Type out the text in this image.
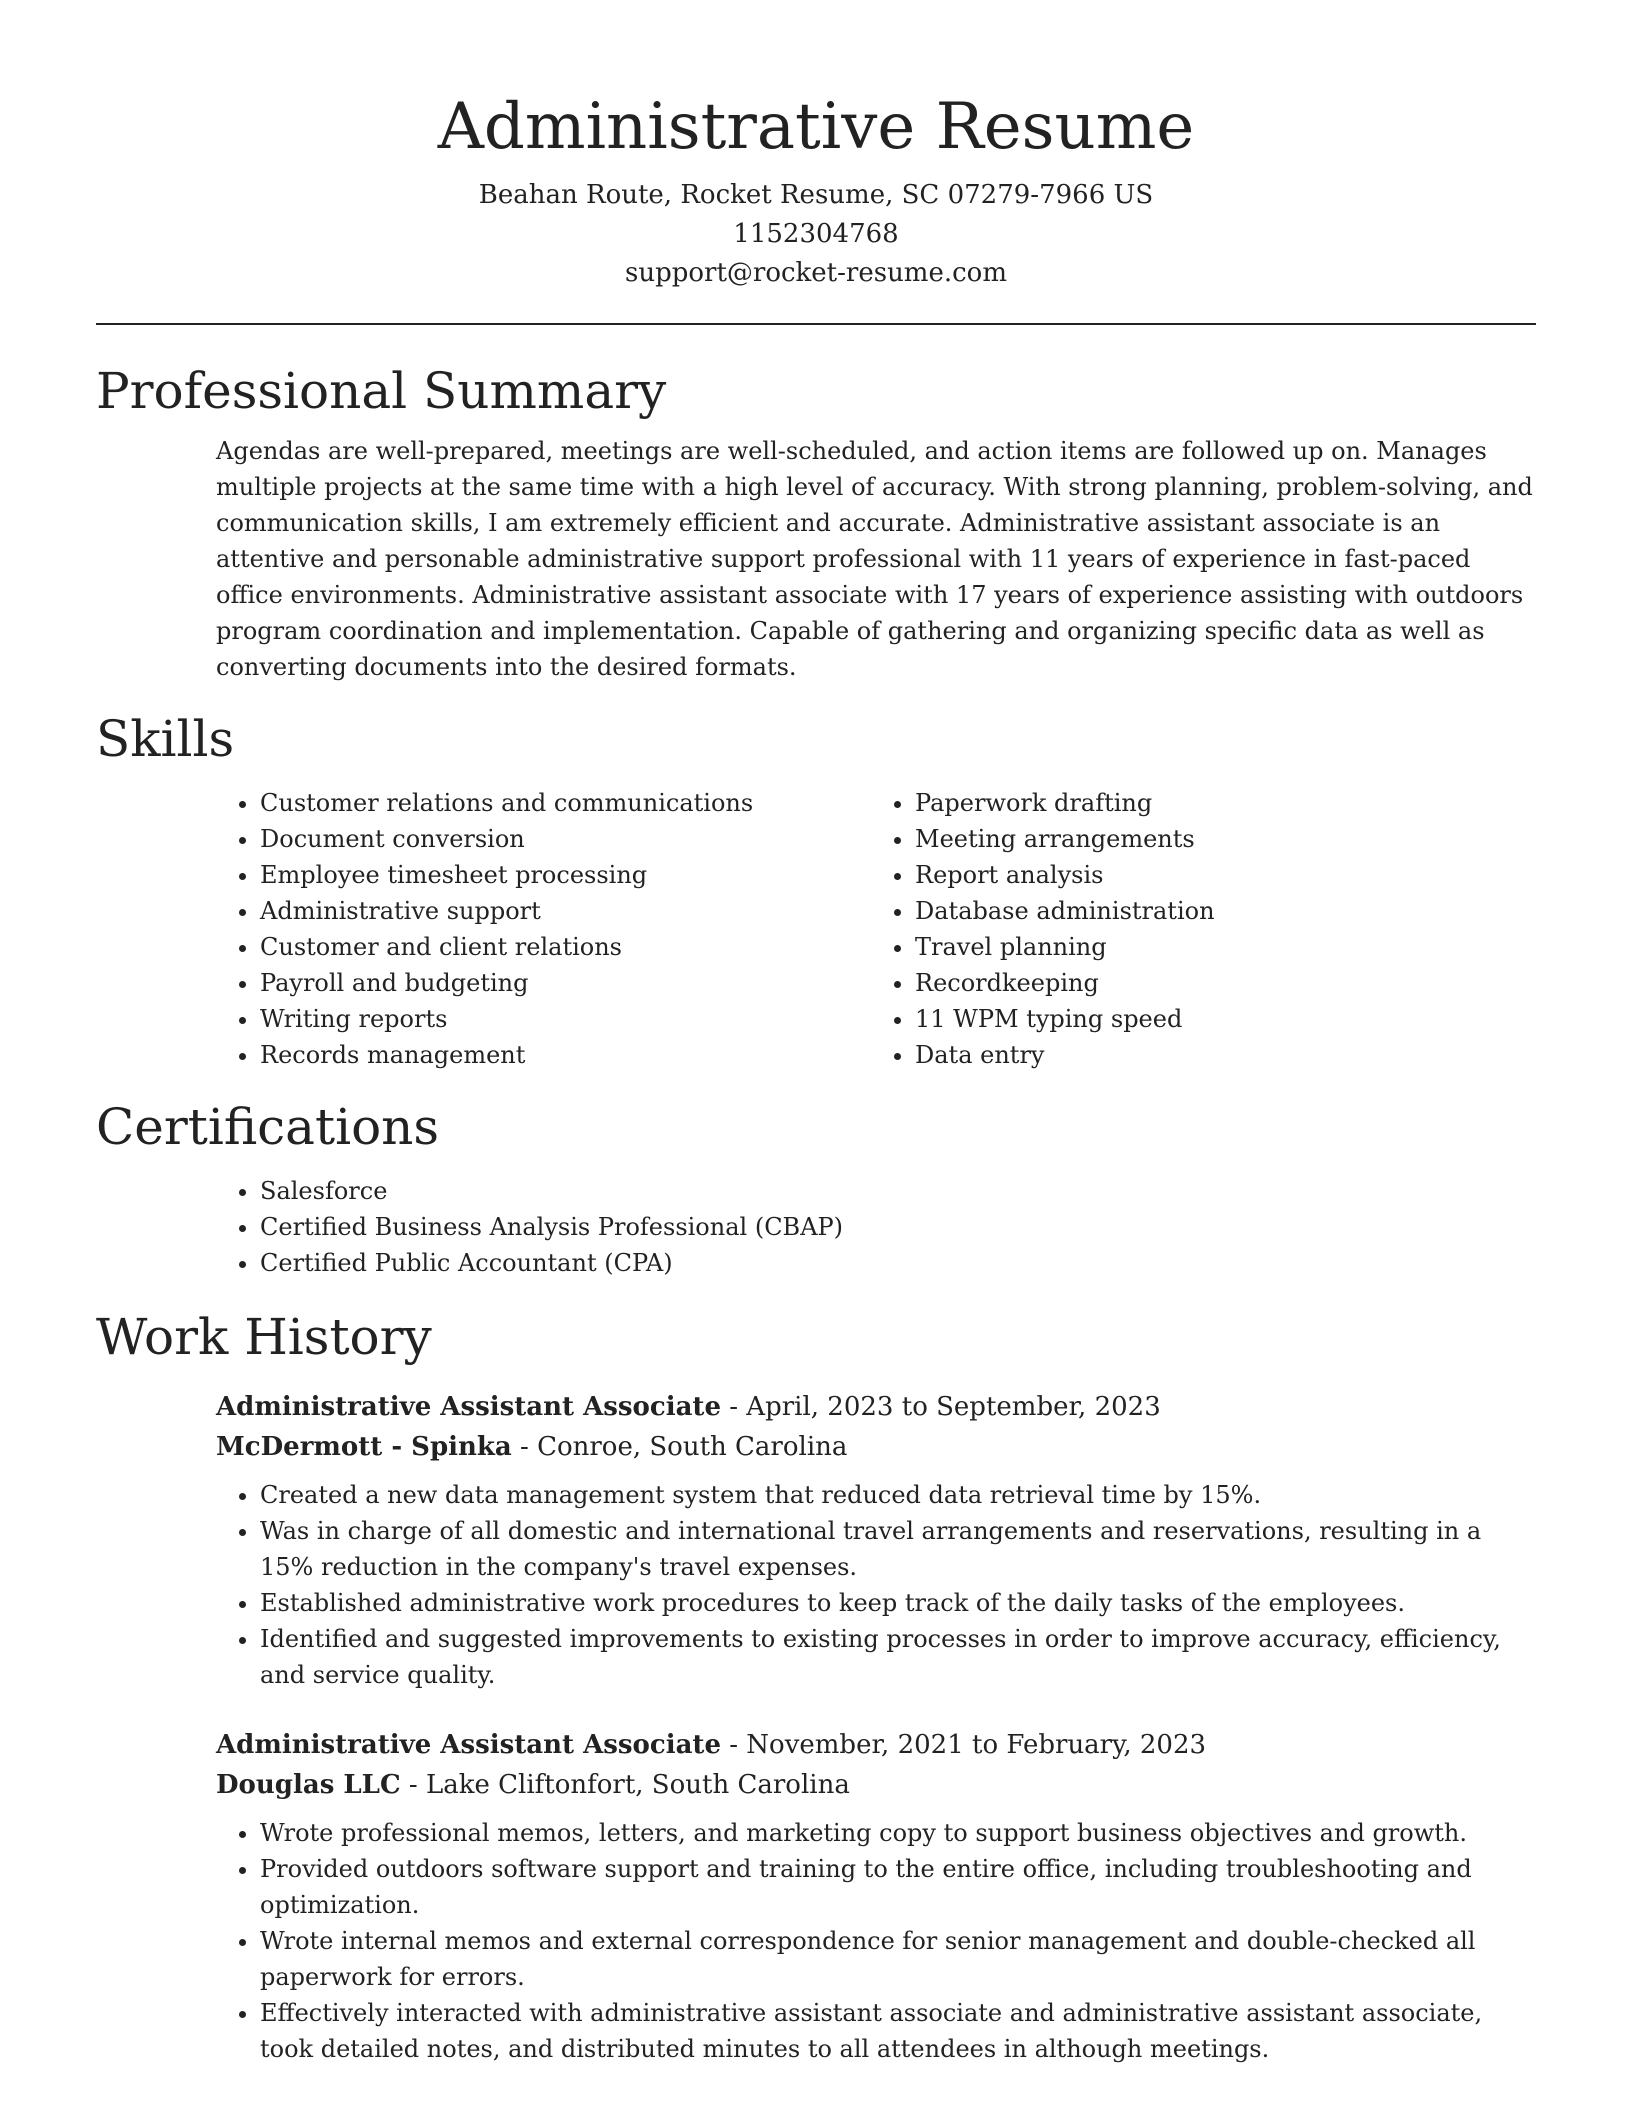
Administrative Resume
Beahan Route, Rocket Resume, SC 07279-7966 US
1152304768
support@rocket-resume.com
Professional Summary

Agendas are well-prepared, meetings are well-scheduled, and action items are followed up on. Manages multiple projects at the same time with a high level of accuracy. With strong planning, problem-solving, and communication skills, I am extremely efficient and accurate. Administrative assistant associate is an attentive and personable administrative support professional with 11 years of experience in fast-paced office environments. Administrative assistant associate with 17 years of experience assisting with outdoors program coordination and implementation. Capable of gathering and organizing specific data as well as converting documents into the desired formats.

Skills
• Customer relations and communications
• Document conversion
• Employee timesheet processing
• Administrative support
• Customer and client relations
• Payroll and budgeting
• Writing reports
• Records management
• Paperwork drafting
• Meeting arrangements
• Report analysis
• Database administration
• Travel planning
• Recordkeeping
• 11 WPM typing speed
• Data entry
Certifications
• Salesforce
• Certified Business Analysis Professional (CBAP)
• Certified Public Accountant (CPA)
Work History
Administrative Assistant Associate - April, 2023 to September, 2023
McDermott - Spinka - Conroe, South Carolina
• Created a new data management system that reduced data retrieval time by 15%.
• Was in charge of all domestic and international travel arrangements and reservations, resulting in a 15% reduction in the company's travel expenses.
• Established administrative work procedures to keep track of the daily tasks of the employees.
• Identified and suggested improvements to existing processes in order to improve accuracy, efficiency, and service quality.
Administrative Assistant Associate - November, 2021 to February, 2023
Douglas LLC - Lake Cliftonfort, South Carolina
• Wrote professional memos, letters, and marketing copy to support business objectives and growth.
• Provided outdoors software support and training to the entire office, including troubleshooting and optimization.
• Wrote internal memos and external correspondence for senior management and double-checked all paperwork for errors.
• Effectively interacted with administrative assistant associate and administrative assistant associate, took detailed notes, and distributed minutes to all attendees in although meetings.
